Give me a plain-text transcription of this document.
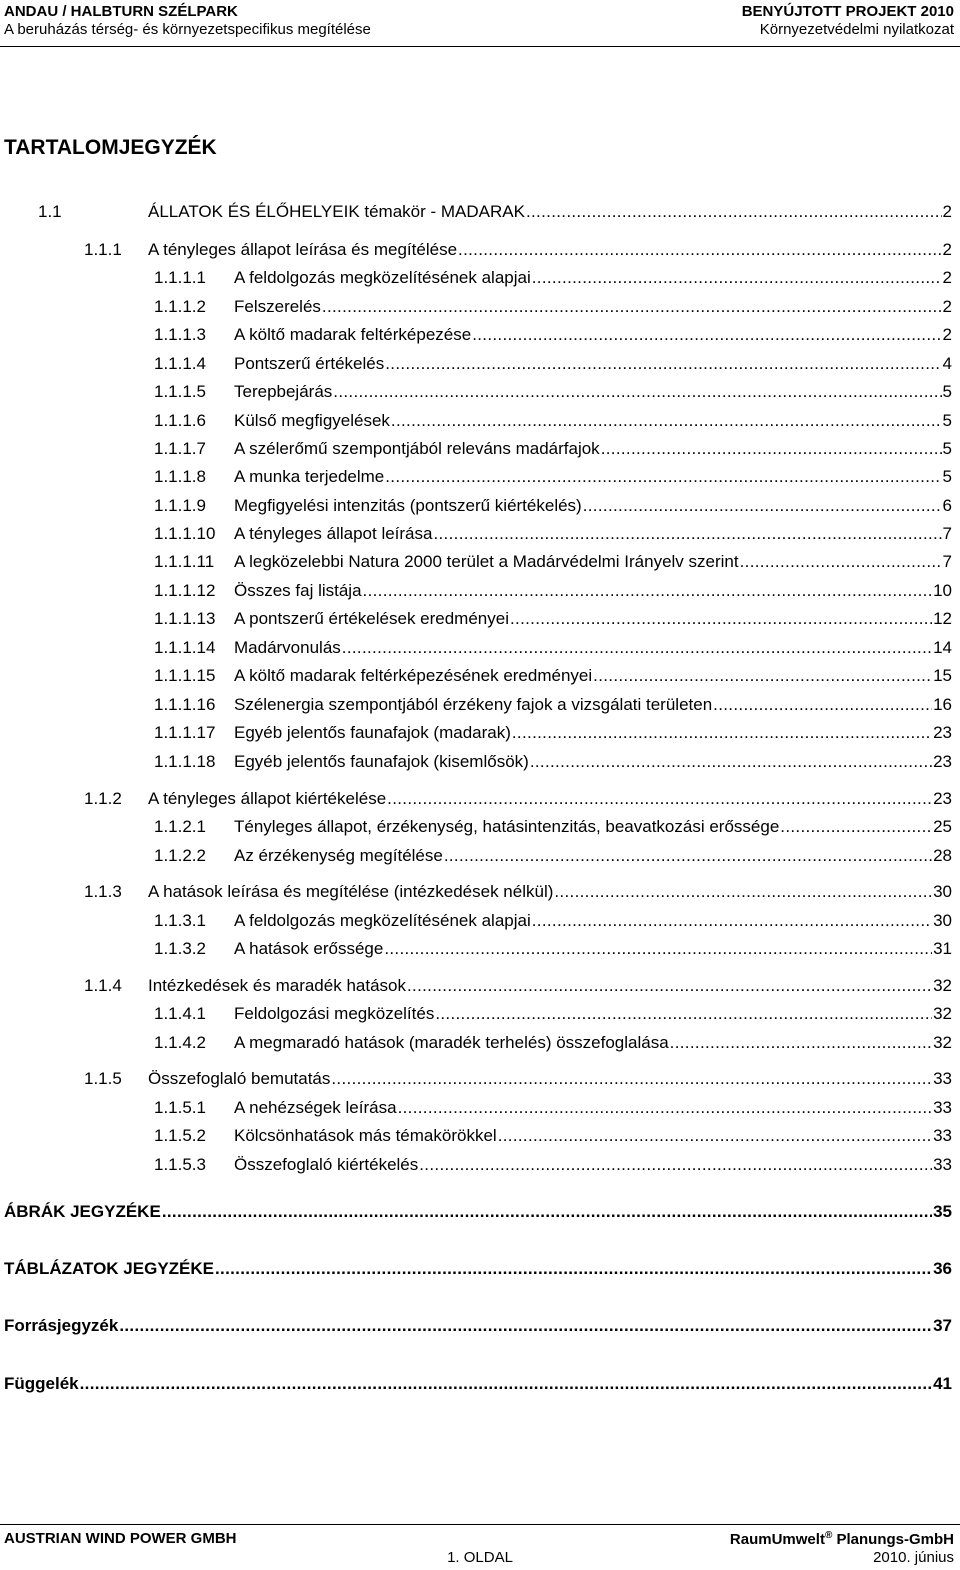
ANDAU / HALBTURN SZÉLPARK
A beruházás térség- és környezetspecifikus megítélése
BENYÚJTOTT PROJEKT 2010
Környezetvédelmi nyilatkozat
TARTALOMJEGYZÉK
1.1	ÁLLATOK ÉS ÉLŐHELYEIK témakör - MADARAK . . .	2
1.1.1	A tényleges állapot leírása és megítélése . . .	2
1.1.1.1	A feldolgozás megközelítésének alapjai . . .	2
1.1.1.2	Felszerelés . . .	2
1.1.1.3	A költő madarak feltérképezése . . .	2
1.1.1.4	Pontszerű értékelés . . .	4
1.1.1.5	Terepbejárás . . .	5
1.1.1.6	Külső megfigyelések . . .	5
1.1.1.7	A szélerőmű szempontjából releváns madárfajok . . .	5
1.1.1.8	A munka terjedelme . . .	5
1.1.1.9	Megfigyelési intenzitás (pontszerű kiértékelés) . . .	6
1.1.1.10	A tényleges állapot leírása . . .	7
1.1.1.11	A legközelebbi Natura 2000 terület a Madárvédelmi Irányelv szerint . . .	7
1.1.1.12	Összes faj listája . . .	10
1.1.1.13	A pontszerű értékelések eredményei . . .	12
1.1.1.14	Madárvonulás . . .	14
1.1.1.15	A költő madarak feltérképezésének eredményei . . .	15
1.1.1.16	Szélenergia szempontjából érzékeny fajok a vizsgálati területen . . .	16
1.1.1.17	Egyéb jelentős faunafajok (madarak) . . .	23
1.1.1.18	Egyéb jelentős faunafajok (kisemlősök) . . .	23
1.1.2	A tényleges állapot kiértékelése . . .	23
1.1.2.1	Tényleges állapot, érzékenység, hatásintenzitás, beavatkozási erőssége . . .	25
1.1.2.2	Az érzékenység megítélése . . .	28
1.1.3	A hatások leírása és megítélése (intézkedések nélkül) . . .	30
1.1.3.1	A feldolgozás megközelítésének alapjai . . .	30
1.1.3.2	A hatások erőssége . . .	31
1.1.4	Intézkedések és maradék hatások . . .	32
1.1.4.1	Feldolgozási megközelítés . . .	32
1.1.4.2	A megmaradó hatások (maradék terhelés) összefoglalása . . .	32
1.1.5	Összefoglaló bemutatás . . .	33
1.1.5.1	A nehézségek leírása . . .	33
1.1.5.2	Kölcsönhatások más témakörökkel . . .	33
1.1.5.3	Összefoglaló kiértékelés . . .	33
ÁBRÁK JEGYZÉKE . . .	35
TÁBLÁZATOK JEGYZÉKE . . .	36
Forrásjegyzék . . .	37
Függelék . . .	41
AUSTRIAN WIND POWER GMBH	RaumUmwelt® Planungs-GmbH
1. OLDAL	2010. június
